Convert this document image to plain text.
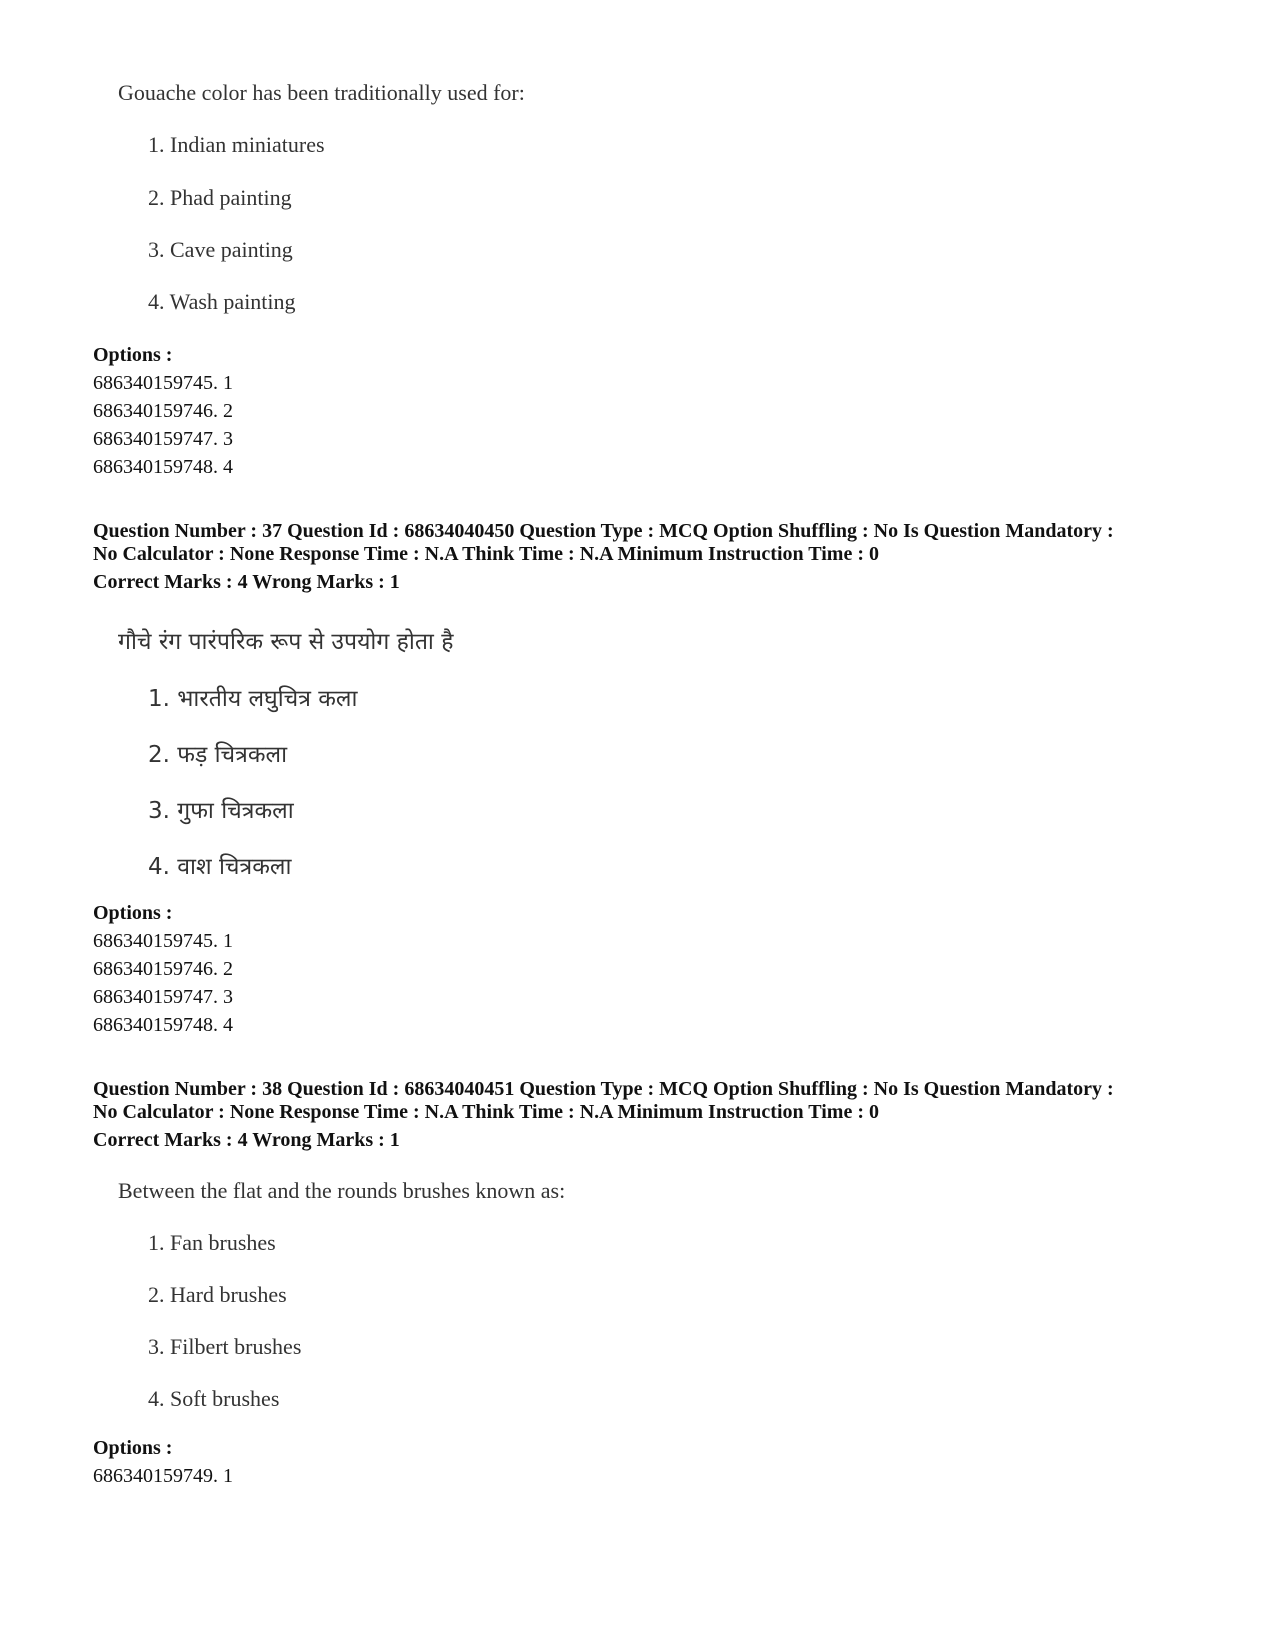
Gouache color has been traditionally used for:
1. Indian miniatures
2. Phad painting
3. Cave painting
4. Wash painting
Options :
686340159745. 1
686340159746. 2
686340159747. 3
686340159748. 4
Question Number : 37 Question Id : 68634040450 Question Type : MCQ Option Shuffling : No Is Question Mandatory :
No Calculator : None Response Time : N.A Think Time : N.A Minimum Instruction Time : 0
Correct Marks : 4 Wrong Marks : 1
गौचे रंग पारंपरिक रूप से उपयोग होता है
1. भारतीय लघुचित्र कला
2. फड़ चित्रकला
3. गुफा चित्रकला
4. वाश चित्रकला
Options :
686340159745. 1
686340159746. 2
686340159747. 3
686340159748. 4
Question Number : 38 Question Id : 68634040451 Question Type : MCQ Option Shuffling : No Is Question Mandatory :
No Calculator : None Response Time : N.A Think Time : N.A Minimum Instruction Time : 0
Correct Marks : 4 Wrong Marks : 1
Between the flat and the rounds brushes known as:
1. Fan brushes
2. Hard brushes
3. Filbert brushes
4. Soft brushes
Options :
686340159749. 1
